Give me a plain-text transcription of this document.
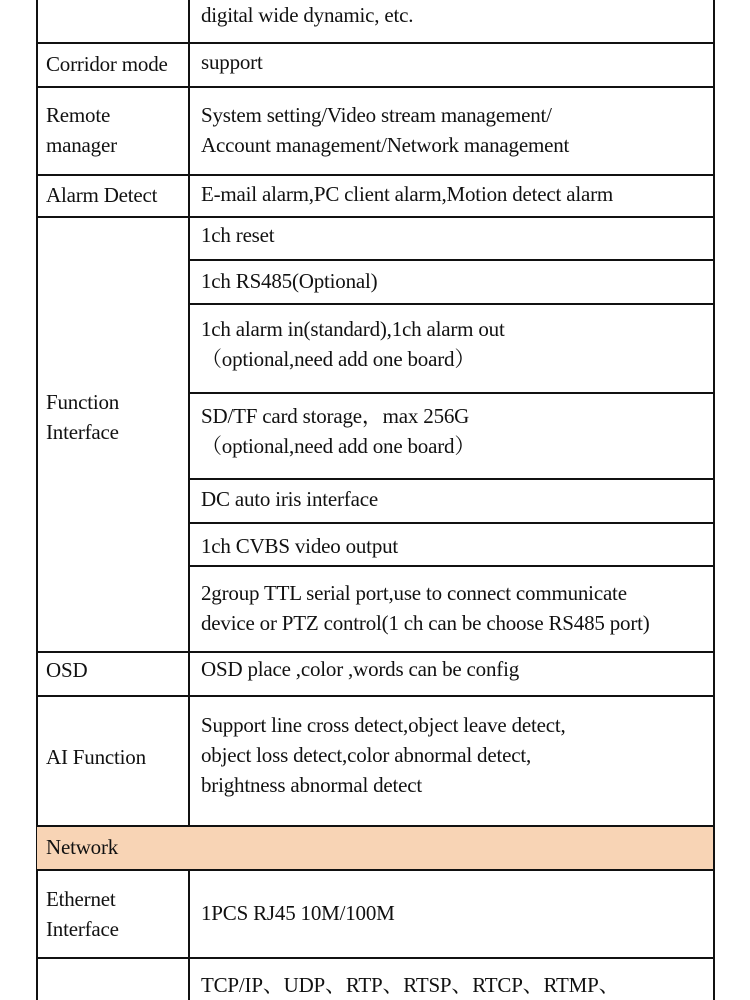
digital wide dynamic, etc.
Corridor mode support
Remote
manager
System setting/Video stream management/
Account management/Network management
Alarm Detect E-mail alarm,PC client alarm,Motion detect alarm
Function
Interface
1ch reset
1ch RS485(Optional)
1ch alarm in(standard),1ch alarm out
（optional,need add one board）
SD/TF card storage，max 256G
（optional,need add one board）
DC auto iris interface
1ch CVBS video output
2group TTL serial port,use to connect communicate
device or PTZ control(1 ch can be choose RS485 port)
OSD	OSD place ,color ,words can be config
AI Function
Support line cross detect,object leave detect,
object loss detect,color abnormal detect,
brightness abnormal detect
Network
Ethernet
Interface
1PCS RJ45 10M/100M
TCP/IP、UDP、RTP、RTSP、RTCP、RTMP、
